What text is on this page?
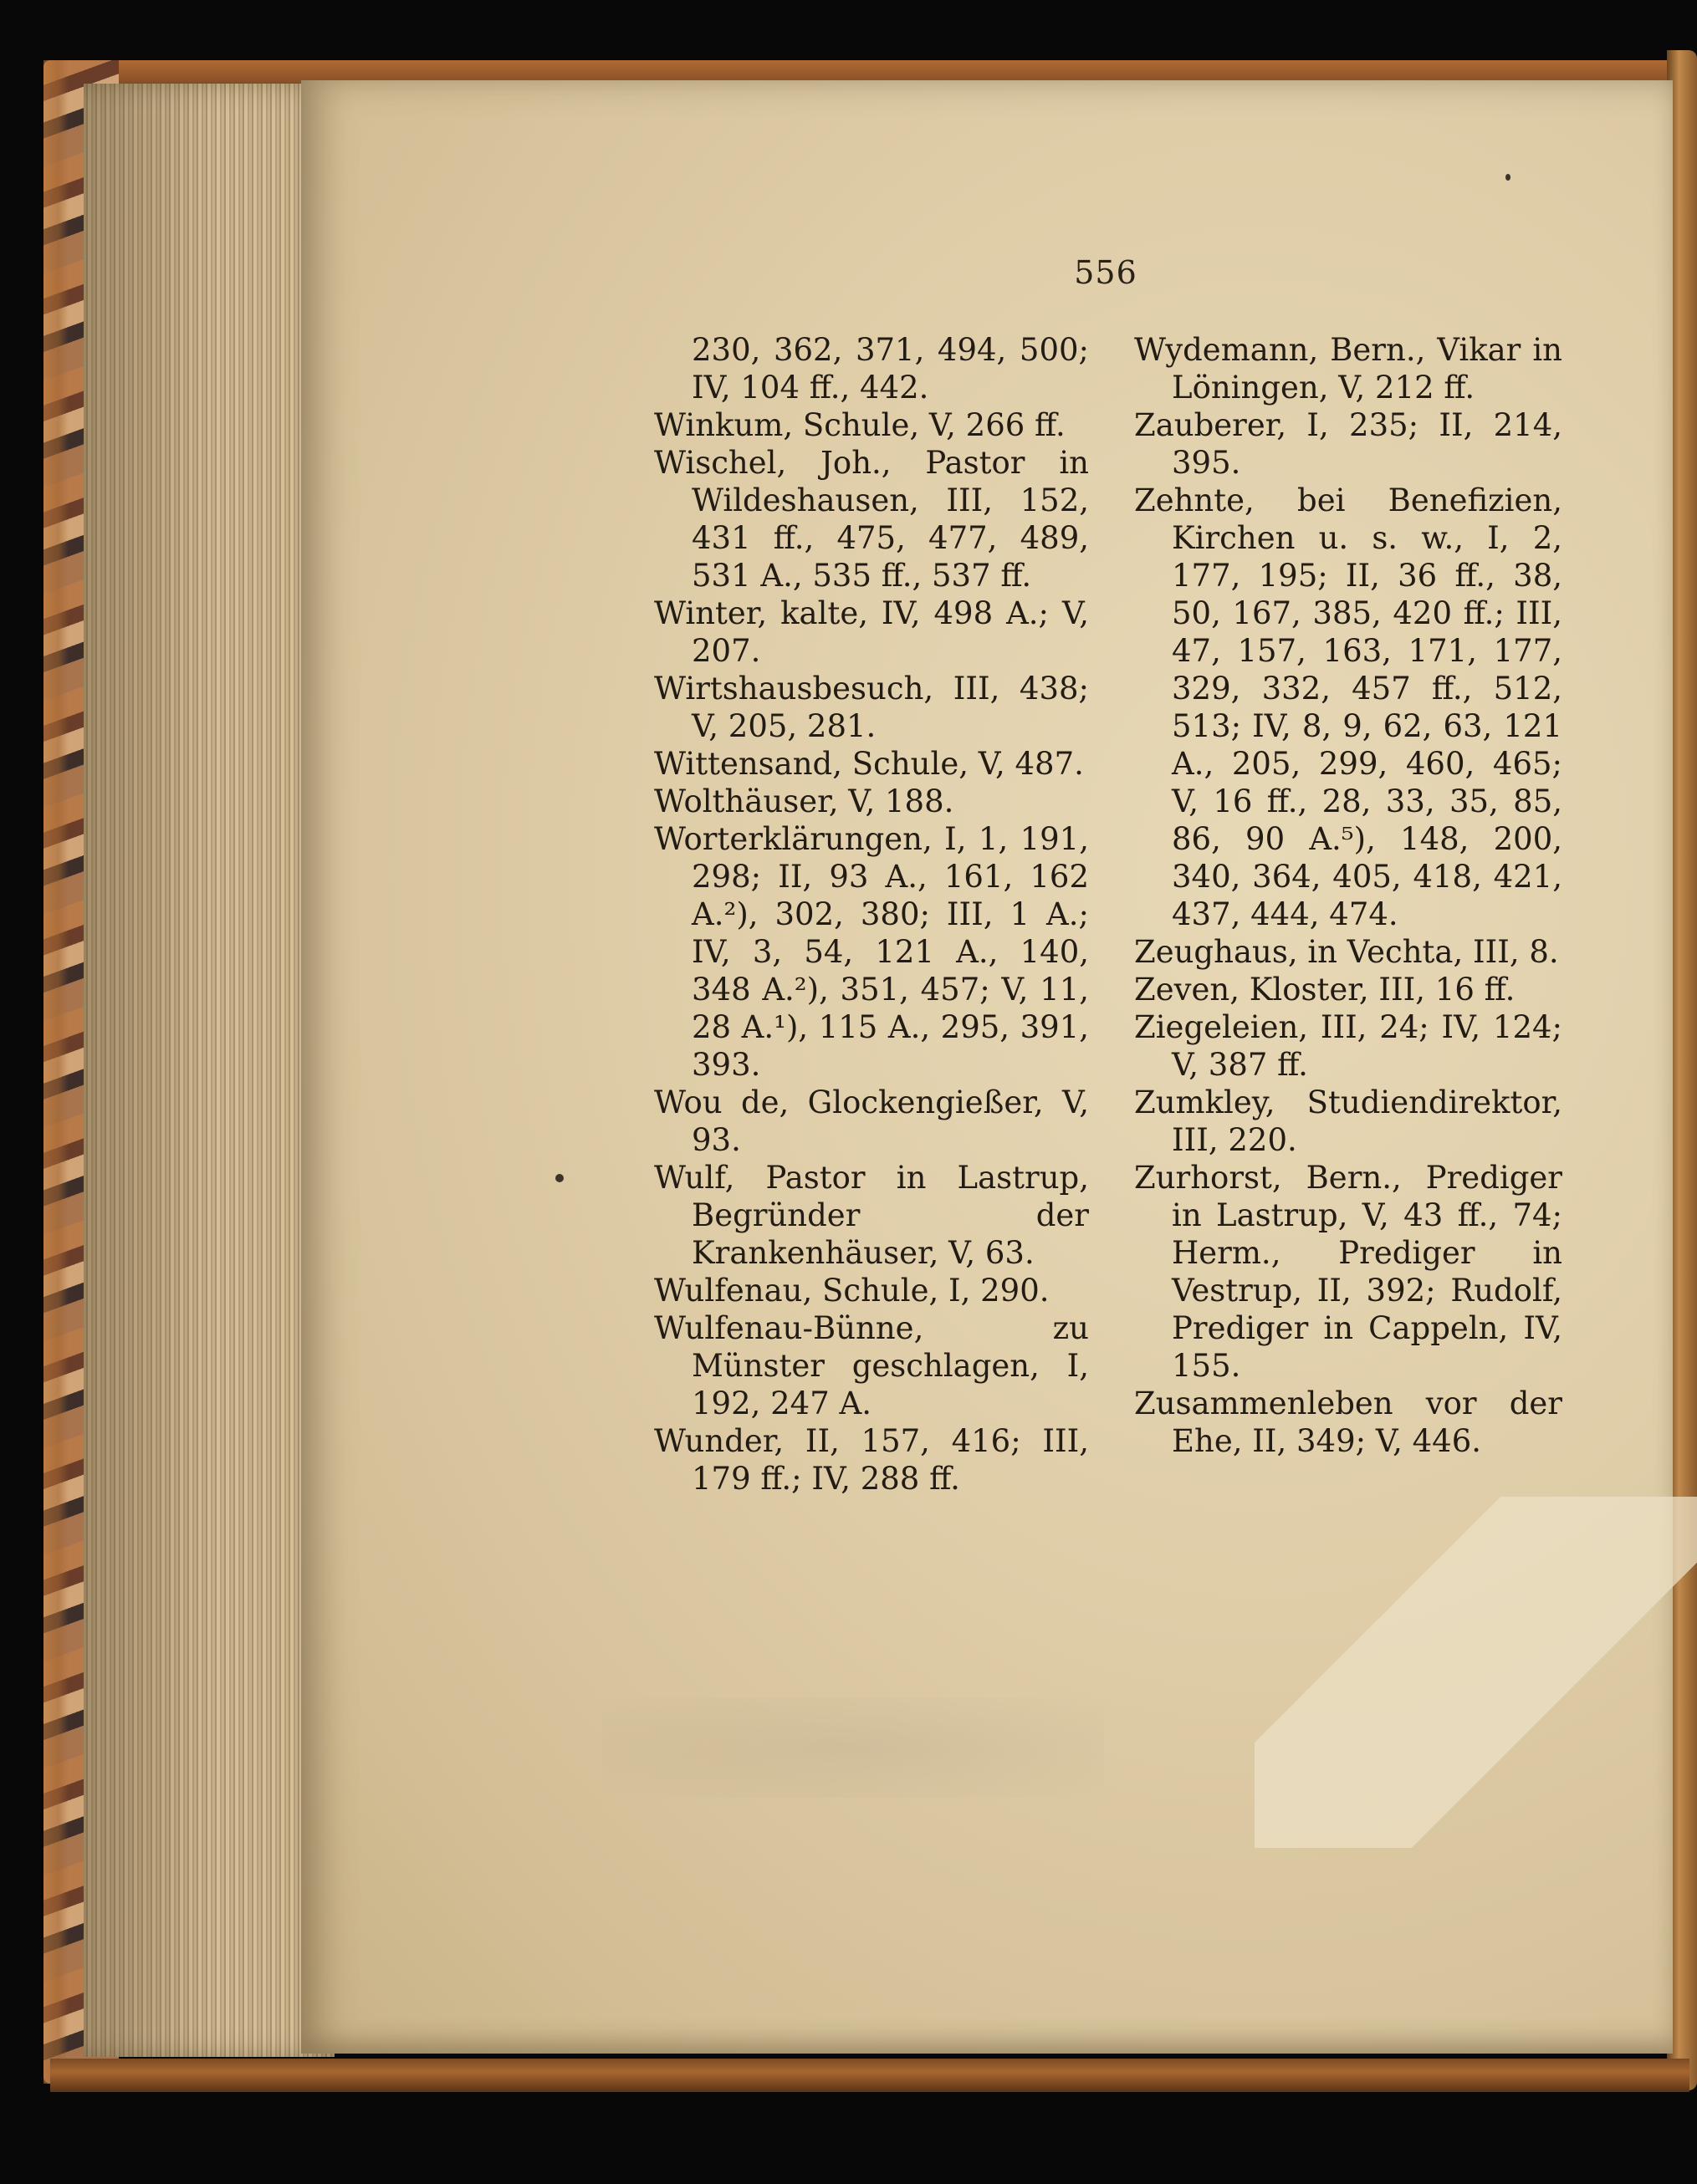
556
230, 362, 371, 494, 500; IV, 104 ff., 442.
Winkum, Schule, V, 266 ff.
Wischel, Joh., Pastor in Wildeshausen, III, 152, 431 ff., 475, 477, 489, 531 A., 535 ff., 537 ff.
Winter, kalte, IV, 498 A.; V, 207.
Wirtshausbesuch, III, 438; V, 205, 281.
Wittensand, Schule, V, 487.
Wolthäuser, V, 188.
Worterklärungen, I, 1, 191, 298; II, 93 A., 161, 162 A.²), 302, 380; III, 1 A.; IV, 3, 54, 121 A., 140, 348 A.²), 351, 457; V, 11, 28 A.¹), 115 A., 295, 391, 393.
Wou de, Glockengießer, V, 93.
Wulf, Pastor in Lastrup, Begründer der Krankenhäuser, V, 63.
Wulfenau, Schule, I, 290.
Wulfenau-Bünne, zu Münster geschlagen, I, 192, 247 A.
Wunder, II, 157, 416; III, 179 ff.; IV, 288 ff.
Wydemann, Bern., Vikar in Löningen, V, 212 ff.
Zauberer, I, 235; II, 214, 395.
Zehnte, bei Benefizien, Kirchen u. s. w., I, 2, 177, 195; II, 36 ff., 38, 50, 167, 385, 420 ff.; III, 47, 157, 163, 171, 177, 329, 332, 457 ff., 512, 513; IV, 8, 9, 62, 63, 121 A., 205, 299, 460, 465; V, 16 ff., 28, 33, 35, 85, 86, 90 A.⁵), 148, 200, 340, 364, 405, 418, 421, 437, 444, 474.
Zeughaus, in Vechta, III, 8.
Zeven, Kloster, III, 16 ff.
Ziegeleien, III, 24; IV, 124; V, 387 ff.
Zumkley, Studiendirektor, III, 220.
Zurhorst, Bern., Prediger in Lastrup, V, 43 ff., 74; Herm., Prediger in Vestrup, II, 392; Rudolf, Prediger in Cappeln, IV, 155.
Zusammenleben vor der Ehe, II, 349; V, 446.
